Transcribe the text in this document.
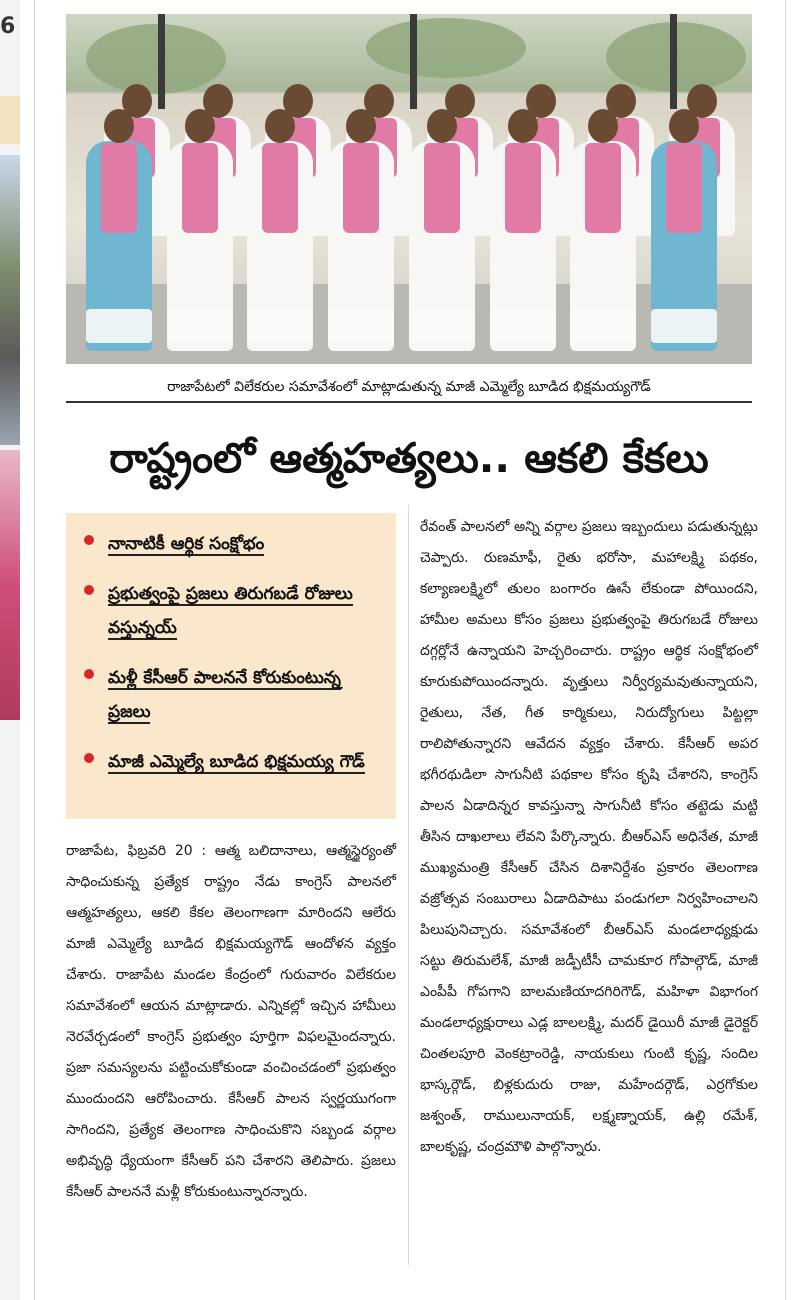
6
రాజాపేటలో విలేకరుల సమావేశంలో మాట్లాడుతున్న మాజీ ఎమ్మెల్యే బూడిద భిక్షమయ్యగౌడ్
రాష్ట్రంలో ఆత్మహత్యలు.. ఆకలి కేకలు
నానాటికీ ఆర్థిక సంక్షోభం
ప్రభుత్వంపై ప్రజలు తిరుగబడే రోజులు వస్తున్నయ్
మళ్లీ కేసీఆర్ పాలననే కోరుకుంటున్న ప్రజలు
మాజీ ఎమ్మెల్యే బూడిద భిక్షమయ్య గౌడ్
రాజాపేట, ఫిబ్రవరి 20 : ఆత్మ బలిదానాలు, ఆత్మస్థైర్యంతో సాధించుకున్న ప్రత్యేక రాష్ట్రం నేడు కాంగ్రెస్ పాలనలో ఆత్మహత్యలు, ఆకలి కేకల తెలంగాణగా మారిందని ఆలేరు మాజీ ఎమ్మెల్యే బూడిద భిక్షమయ్యగౌడ్ ఆందోళన వ్యక్తం చేశారు. రాజాపేట మండల కేంద్రంలో గురువారం విలేకరుల సమావేశంలో ఆయన మాట్లాడారు. ఎన్నికల్లో ఇచ్చిన హామీలు నెరవేర్చడంలో కాంగ్రెస్ ప్రభుత్వం పూర్తిగా విఫలమైందన్నారు. ప్రజా సమస్యలను పట్టించుకోకుండా వంచించడంలో ప్రభుత్వం ముందుందని ఆరోపించారు. కేసీఆర్ పాలన స్వర్ణయుగంగా సాగిందని, ప్రత్యేక తెలంగాణ సాధించుకొని సబ్బండ వర్గాల అభివృద్ధి ధ్యేయంగా కేసీఆర్ పని చేశారని తెలిపారు. ప్రజలు కేసీఆర్ పాలననే మళ్లీ కోరుకుంటున్నారన్నారు.
రేవంత్ పాలనలో అన్ని వర్గాల ప్రజలు ఇబ్బందులు పడుతున్నట్లు చెప్పారు. రుణమాఫీ, రైతు భరోసా, మహాలక్ష్మి పథకం, కల్యాణలక్ష్మిలో తులం బంగారం ఊసే లేకుండా పోయిందని, హామీల అమలు కోసం ప్రజలు ప్రభుత్వంపై తిరుగబడే రోజులు దగ్గర్లోనే ఉన్నాయని హెచ్చరించారు. రాష్ట్రం ఆర్థిక సంక్షోభంలో కూరుకుపోయిందన్నారు. వృత్తులు నిర్వీర్యమవుతున్నాయని, రైతులు, నేత, గీత కార్మికులు, నిరుద్యోగులు పిట్టల్లా రాలిపోతున్నారని ఆవేదన వ్యక్తం చేశారు. కేసీఆర్ అపర భగీరథుడిలా సాగునీటి పథకాల కోసం కృషి చేశారని, కాంగ్రెస్ పాలన ఏడాదిన్నర కావస్తున్నా సాగునీటి కోసం తట్టెడు మట్టి తీసిన దాఖలాలు లేవని పేర్కొన్నారు. బీఆర్ఎస్ అధినేత, మాజీ ముఖ్యమంత్రి కేసీఆర్ చేసిన దిశానిర్దేశం ప్రకారం తెలంగాణ వజ్రోత్సవ సంబురాలు ఏడాదిపాటు పండుగలా నిర్వహించాలని పిలుపునిచ్చారు. సమావేశంలో బీఆర్ఎస్ మండలాధ్యక్షుడు సట్టు తిరుమలేశ్, మాజీ జడ్పీటీసీ చామకూర గోపాల్గౌడ్, మాజీ ఎంపీపీ గోపగాని బాలమణియాదగిరిగౌడ్, మహిళా విభాగంగ మండలాధ్యక్షురాలు ఎడ్ల బాలలక్ష్మి, మదర్ డైయిరీ మాజీ డైరెక్టర్ చింతలపూరి వెంకట్రాంరెడ్డి, నాయకులు గుంటి కృష్ణ, సందిల భాస్కర్గౌడ్, బిళ్లకుదురు రాజు, మహేందర్గౌడ్, ఎర్రగోకుల జశ్వంత్, రాములునాయక్, లక్ష్మణ్నాయక్, ఉల్లి రమేశ్, బాలకృష్ణ, చంద్రమౌళి పాల్గొన్నారు.
